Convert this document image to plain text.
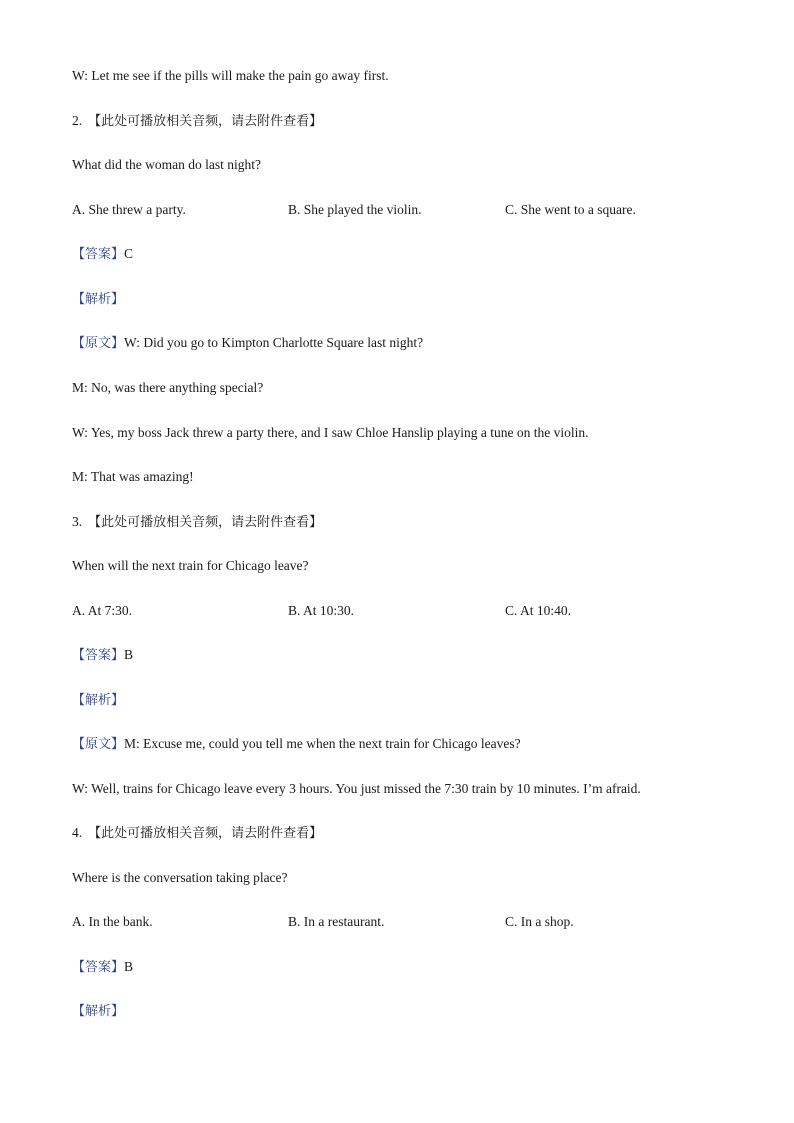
W: Let me see if the pills will make the pain go away first.
2. 【此处可播放相关音频，请去附件查看】
What did the woman do last night?
A. She threw a party.	B. She played the violin.	C. She went to a square.
【答案】C
【解析】
【原文】W: Did you go to Kimpton Charlotte Square last night?
M: No, was there anything special?
W: Yes, my boss Jack threw a party there, and I saw Chloe Hanslip playing a tune on the violin.
M: That was amazing!
3. 【此处可播放相关音频，请去附件查看】
When will the next train for Chicago leave?
A. At 7:30.	B. At 10:30.	C. At 10:40.
【答案】B
【解析】
【原文】M: Excuse me, could you tell me when the next train for Chicago leaves?
W: Well, trains for Chicago leave every 3 hours. You just missed the 7:30 train by 10 minutes. I’m afraid.
4. 【此处可播放相关音频，请去附件查看】
Where is the conversation taking place?
A. In the bank.	B. In a restaurant.	C. In a shop.
【答案】B
【解析】
